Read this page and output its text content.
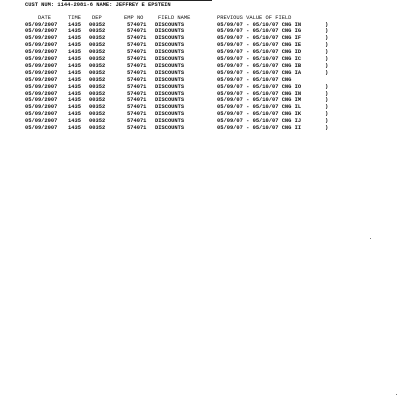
CUST NUM: 1144-2081-6 NAME: JEFFREY E EPSTEIN
DATE	TIME DEP	EMP NO	FIELD NAME	PREVIOUS VALUE OF FIELD
05/09/2007 1435 00352	574071 DISCOUNTS	05/09/07 - 05/10/07 CNG IN	)
05/09/2007 1435 00352	574071 DISCOUNTS	05/09/07 - 05/10/07 CNG IG	)
05/09/2007 1435 00352	574071 DISCOUNTS	05/09/07 - 05/10/07 CNG IF	)
05/09/2007 1435 00352	574071 DISCOUNTS	05/09/07 - 05/10/07 CNG IE	)
05/09/2007 1435 00352	574071 DISCOUNTS	05/09/07 - 05/10/07 CNG ID	)
05/09/2007 1435 00352	574071 DISCOUNTS	05/09/07 - 05/10/07 CNG IC	)
05/09/2007 1435 00352	574071 DISCOUNTS	05/09/07 - 05/10/07 CNG IB	)
05/09/2007 1435 00352	574071 DISCOUNTS	05/09/07 - 05/10/07 CNG IA	)
05/09/2007 1435 00352	574071 DISCOUNTS	05/09/07 - 05/10/07 CNG
05/09/2007 1435 00352	574071 DISCOUNTS	05/09/07 - 05/10/07 CNG IO	)
05/09/2007 1435 00352	574071 DISCOUNTS	05/09/07 - 05/10/07 CNG IN	)
05/09/2007 1435 00352	574071 DISCOUNTS	05/09/07 - 05/10/07 CNG IM	)
05/09/2007 1435 00352	574071 DISCOUNTS	05/09/07 - 05/10/07 CNG IL	)
05/09/2007 1435 00352	574071 DISCOUNTS	05/09/07 - 05/10/07 CNG IK	)
05/09/2007 1435 00352	574071 DISCOUNTS	05/09/07 - 05/10/07 CNG IJ	)
05/09/2007 1435 00352	574071 DISCOUNTS	05/09/07 - 05/10/07 CNG II	)
